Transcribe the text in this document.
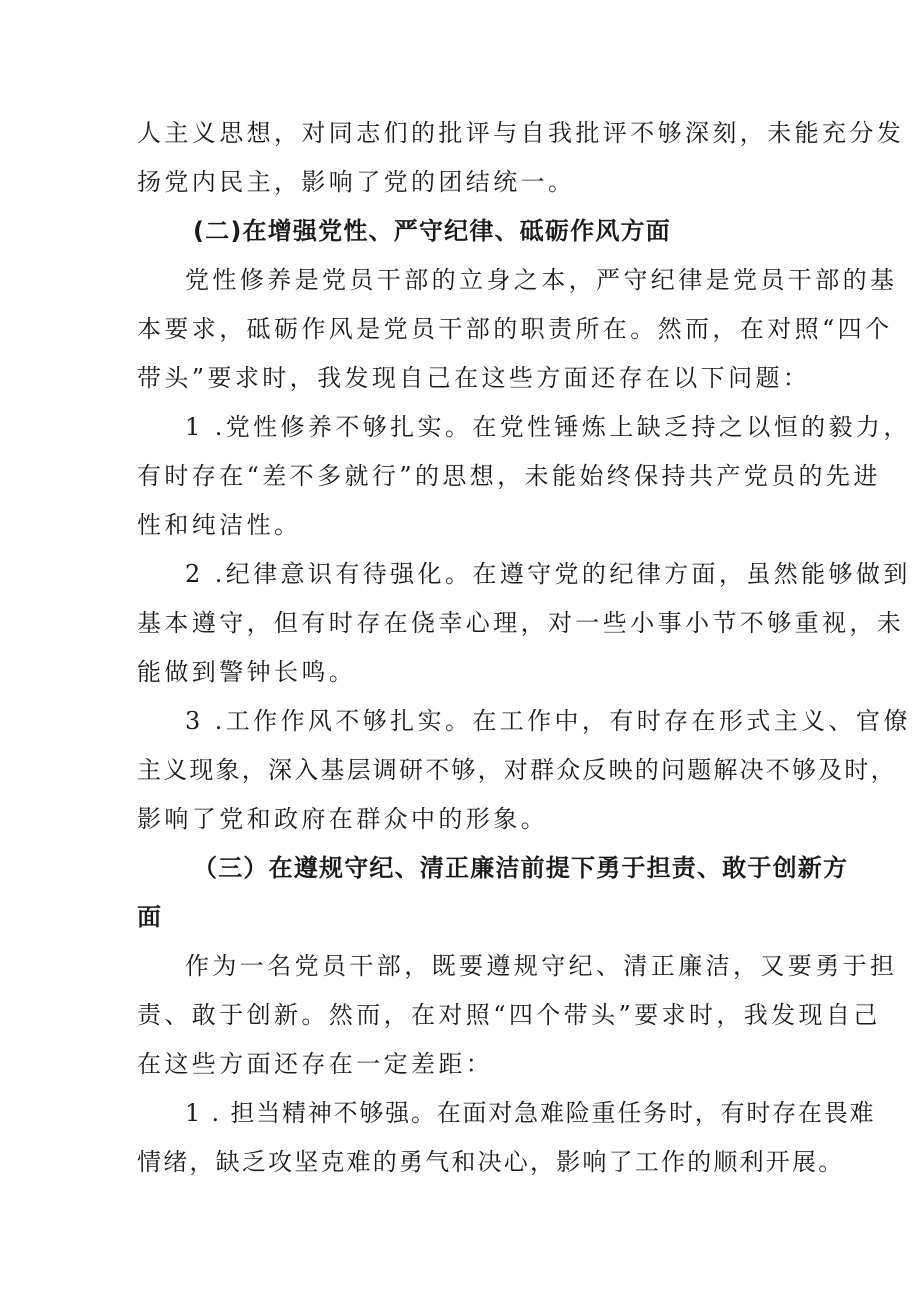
人主义思想，对同志们的批评与自我批评不够深刻，未能充分发
扬党内民主，影响了党的团结统一。
(二)在增强党性、严守纪律、砥砺作风方面
党性修养是党员干部的立身之本，严守纪律是党员干部的基
本要求，砥砺作风是党员干部的职责所在。然而，在对照“四个
带头”要求时，我发现自己在这些方面还存在以下问题：
1 .党性修养不够扎实。在党性锤炼上缺乏持之以恒的毅力，
有时存在“差不多就行”的思想，未能始终保持共产党员的先进
性和纯洁性。
2 .纪律意识有待强化。在遵守党的纪律方面，虽然能够做到
基本遵守，但有时存在侥幸心理，对一些小事小节不够重视，未
能做到警钟长鸣。
3 .工作作风不够扎实。在工作中，有时存在形式主义、官僚
主义现象，深入基层调研不够，对群众反映的问题解决不够及时，
影响了党和政府在群众中的形象。
（三）在遵规守纪、清正廉洁前提下勇于担责、敢于创新方
面
作为一名党员干部，既要遵规守纪、清正廉洁，又要勇于担
责、敢于创新。然而，在对照“四个带头”要求时，我发现自己
在这些方面还存在一定差距：
1 . 担当精神不够强。在面对急难险重任务时，有时存在畏难
情绪，缺乏攻坚克难的勇气和决心，影响了工作的顺利开展。
